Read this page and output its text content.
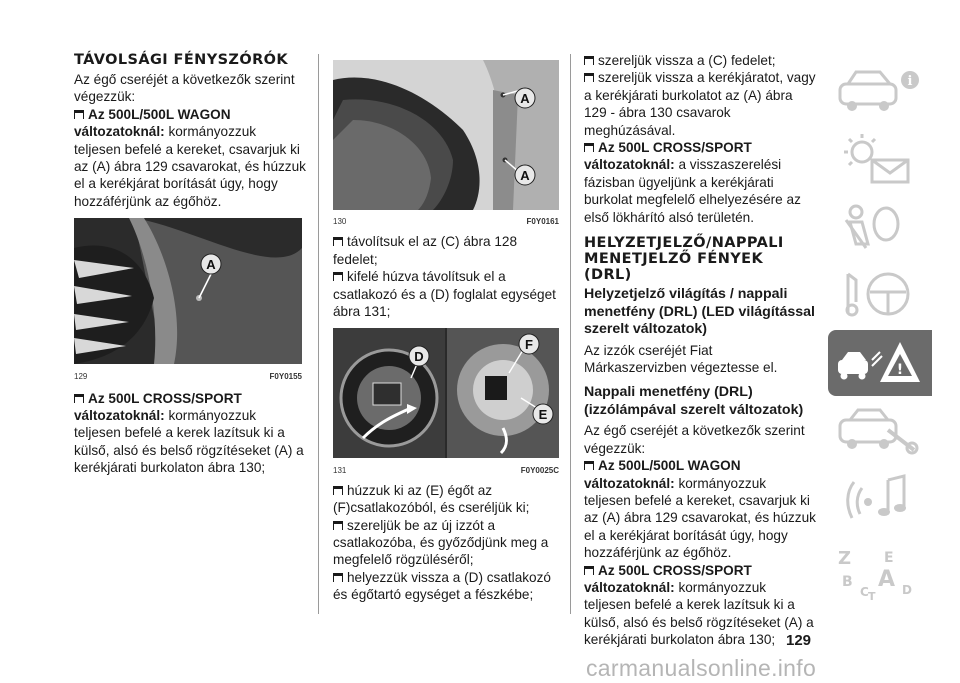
TÁVOLSÁGI FÉNYSZÓRÓK

Az égő cseréjét a következők szerint végezzük:

Az 500L/500L WAGON változatoknál: kormányozzuk teljesen befelé a kereket, csavarjuk ki az (A) ábra 129 csavarokat, és húzzuk el a kerékjárat borítását úgy, hogy hozzáférjünk az égőhöz.

A
129	F0Y0155

Az 500L CROSS/SPORT változatoknál: kormányozzuk teljesen befelé a kerek lazítsuk ki a külső, alsó és belső rögzítéseket (A) a kerékjárati burkolaton ábra 130;

A
A
130	F0Y0161

távolítsuk el az (C) ábra 128 fedelet;

kifelé húzva távolítsuk el a csatlakozó és a (D) foglalat egységet ábra 131;

D
F
E
131	F0Y0025C

húzzuk ki az (E) égőt az (F)csatlakozóból, és cseréljük ki;

szereljük be az új izzót a csatlakozóba, és győződjünk meg a megfelelő rögzüléséről;

helyezzük vissza a (D) csatlakozó és égőtartó egységet a fészkébe;

szereljük vissza a (C) fedelet;

szereljük vissza a kerékjáratot, vagy a kerékjárati burkolatot az (A) ábra 129 - ábra 130 csavarok meghúzásával.

Az 500L CROSS/SPORT változatoknál: a visszaszerelési fázisban ügyeljünk a kerékjárati burkolat megfelelő elhelyezésére az első lökhárító alsó területén.

HELYZETJELZŐ/NAPPALI MENETJELZŐ FÉNYEK (DRL)
Helyzetjelző világítás / nappali menetfény (DRL) (LED világítással szerelt változatok)

Az izzók cseréjét Fiat Márkaszervizben végeztesse el.

Nappali menetfény (DRL) (izzólámpával szerelt változatok)

Az égő cseréjét a következők szerint végezzük:

Az 500L/500L WAGON változatoknál: kormányozzuk teljesen befelé a kereket, csavarjuk ki az (A) ábra 129 csavarokat, és húzzuk el a kerékjárat borítását úgy, hogy hozzáférjünk az égőhöz.

Az 500L CROSS/SPORT változatoknál: kormányozzuk teljesen befelé a kerek lazítsuk ki a külső, alsó és belső rögzítéseket (A) a kerékjárati burkolaton ábra 130;

i
!
Z E
B A
C	D
T
129
carmanualsonline.info
